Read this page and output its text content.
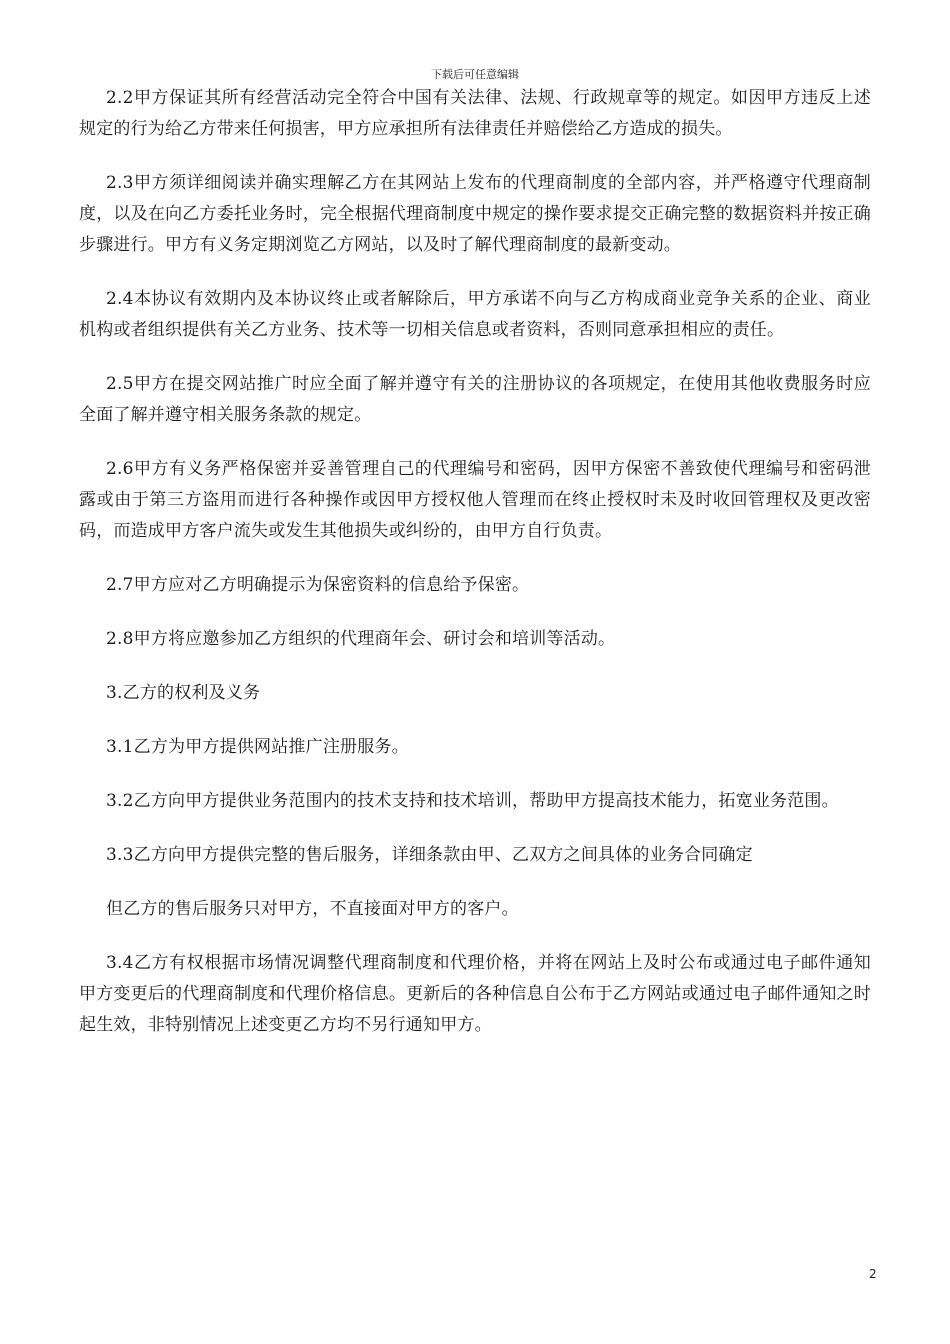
下载后可任意编辑

2.2甲方保证其所有经营活动完全符合中国有关法律、法规、行政规章等的规定。如因甲方违反上述规定的行为给乙方带来任何损害，甲方应承担所有法律责任并赔偿给乙方造成的损失。

2.3甲方须详细阅读并确实理解乙方在其网站上发布的代理商制度的全部内容，并严格遵守代理商制度，以及在向乙方委托业务时，完全根据代理商制度中规定的操作要求提交正确完整的数据资料并按正确步骤进行。甲方有义务定期浏览乙方网站，以及时了解代理商制度的最新变动。

2.4本协议有效期内及本协议终止或者解除后，甲方承诺不向与乙方构成商业竞争关系的企业、商业机构或者组织提供有关乙方业务、技术等一切相关信息或者资料，否则同意承担相应的责任。

2.5甲方在提交网站推广时应全面了解并遵守有关的注册协议的各项规定，在使用其他收费服务时应全面了解并遵守相关服务条款的规定。

2.6甲方有义务严格保密并妥善管理自己的代理编号和密码，因甲方保密不善致使代理编号和密码泄露或由于第三方盗用而进行各种操作或因甲方授权他人管理而在终止授权时未及时收回管理权及更改密码，而造成甲方客户流失或发生其他损失或纠纷的，由甲方自行负责。

2.7甲方应对乙方明确提示为保密资料的信息给予保密。

2.8甲方将应邀参加乙方组织的代理商年会、研讨会和培训等活动。

3.乙方的权利及义务

3.1乙方为甲方提供网站推广注册服务。

3.2乙方向甲方提供业务范围内的技术支持和技术培训，帮助甲方提高技术能力，拓宽业务范围。

3.3乙方向甲方提供完整的售后服务，详细条款由甲、乙双方之间具体的业务合同确定

但乙方的售后服务只对甲方，不直接面对甲方的客户。

3.4乙方有权根据市场情况调整代理商制度和代理价格，并将在网站上及时公布或通过电子邮件通知甲方变更后的代理商制度和代理价格信息。更新后的各种信息自公布于乙方网站或通过电子邮件通知之时起生效，非特别情况上述变更乙方均不另行通知甲方。

2
